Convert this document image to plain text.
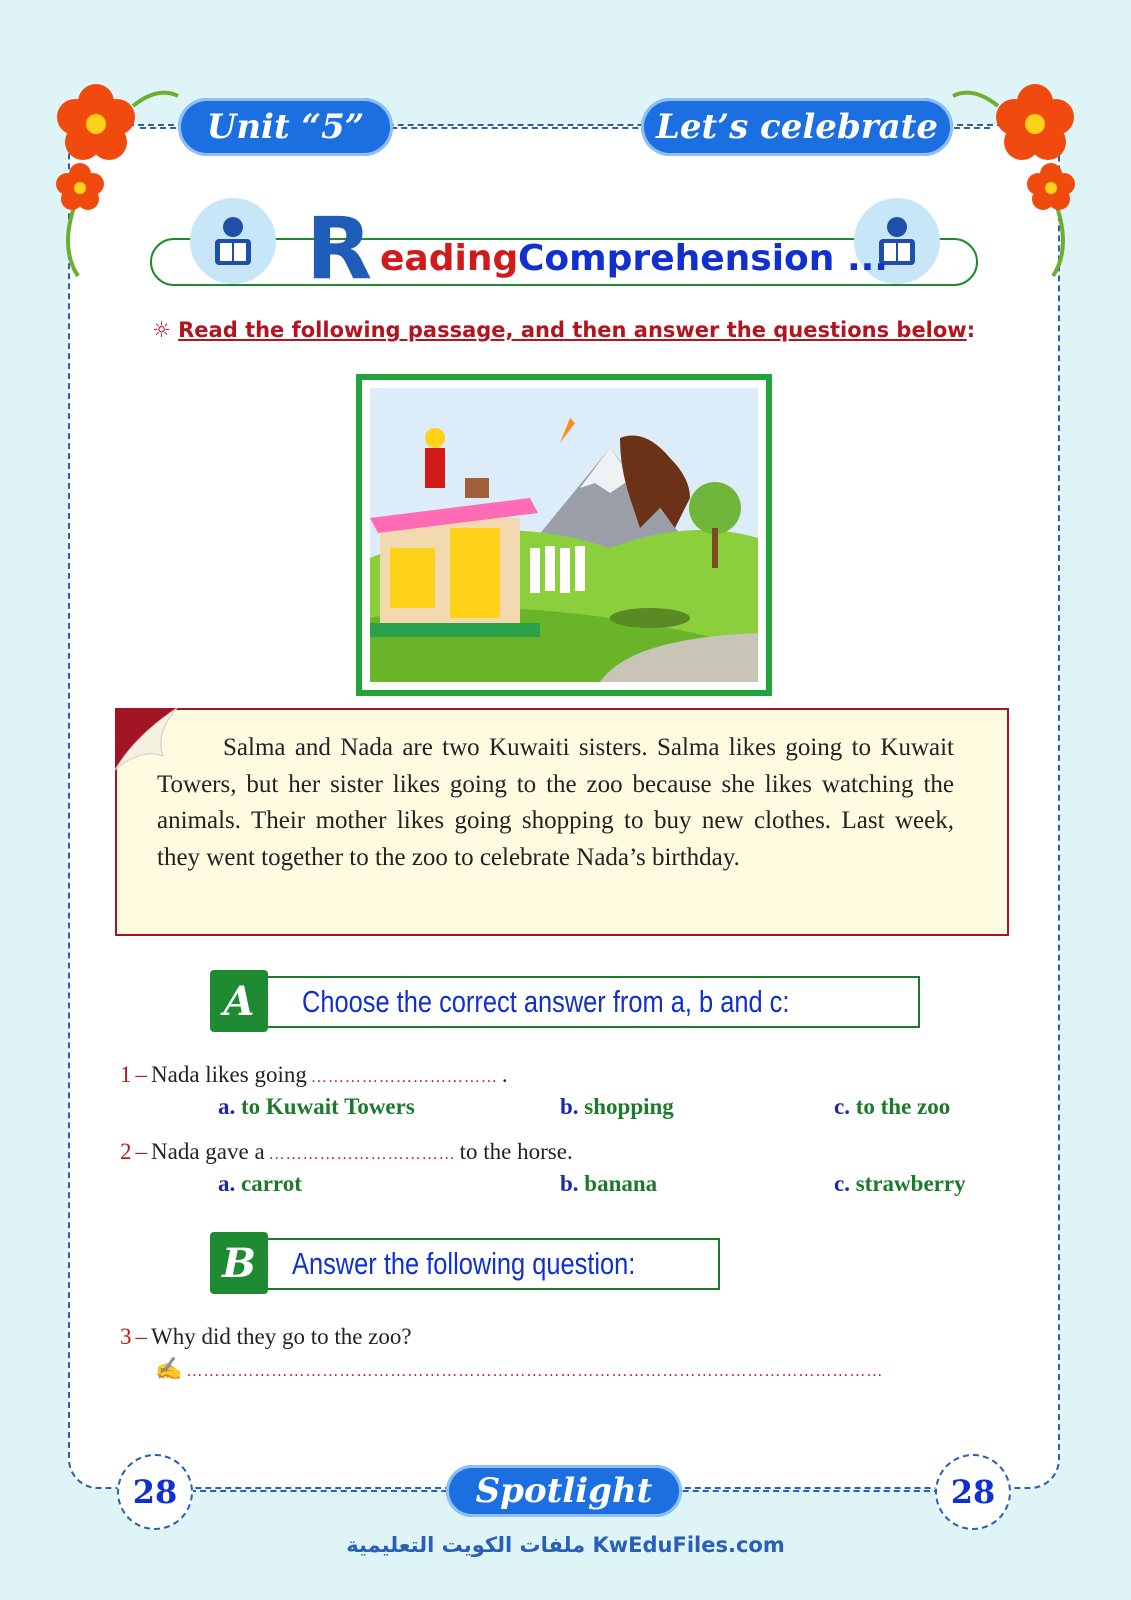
Unit “5”	Let’s celebrate
R eading Comprehension ...
☼ Read the following passage, and then answer the questions below:
Salma and Nada are two Kuwaiti sisters. Salma likes going to Kuwait Towers, but her sister likes going to the zoo because she likes watching the animals. Their mother likes going shopping to buy new clothes. Last week, they went together to the zoo to celebrate Nada’s birthday.
A	Choose the correct answer from a, b and c:
1 – Nada likes going …………………………… .
a. to Kuwait Towers	b. shopping	c. to the zoo
2 – Nada gave a …………………………… to the horse.
a. carrot	b. banana	c. strawberry
B	Answer the following question:
3 – Why did they go to the zoo?
✍ ……………………………………………………………………………………………………………
28	28
Spotlight
ملفات الكويت التعليمية KwEduFiles.com
